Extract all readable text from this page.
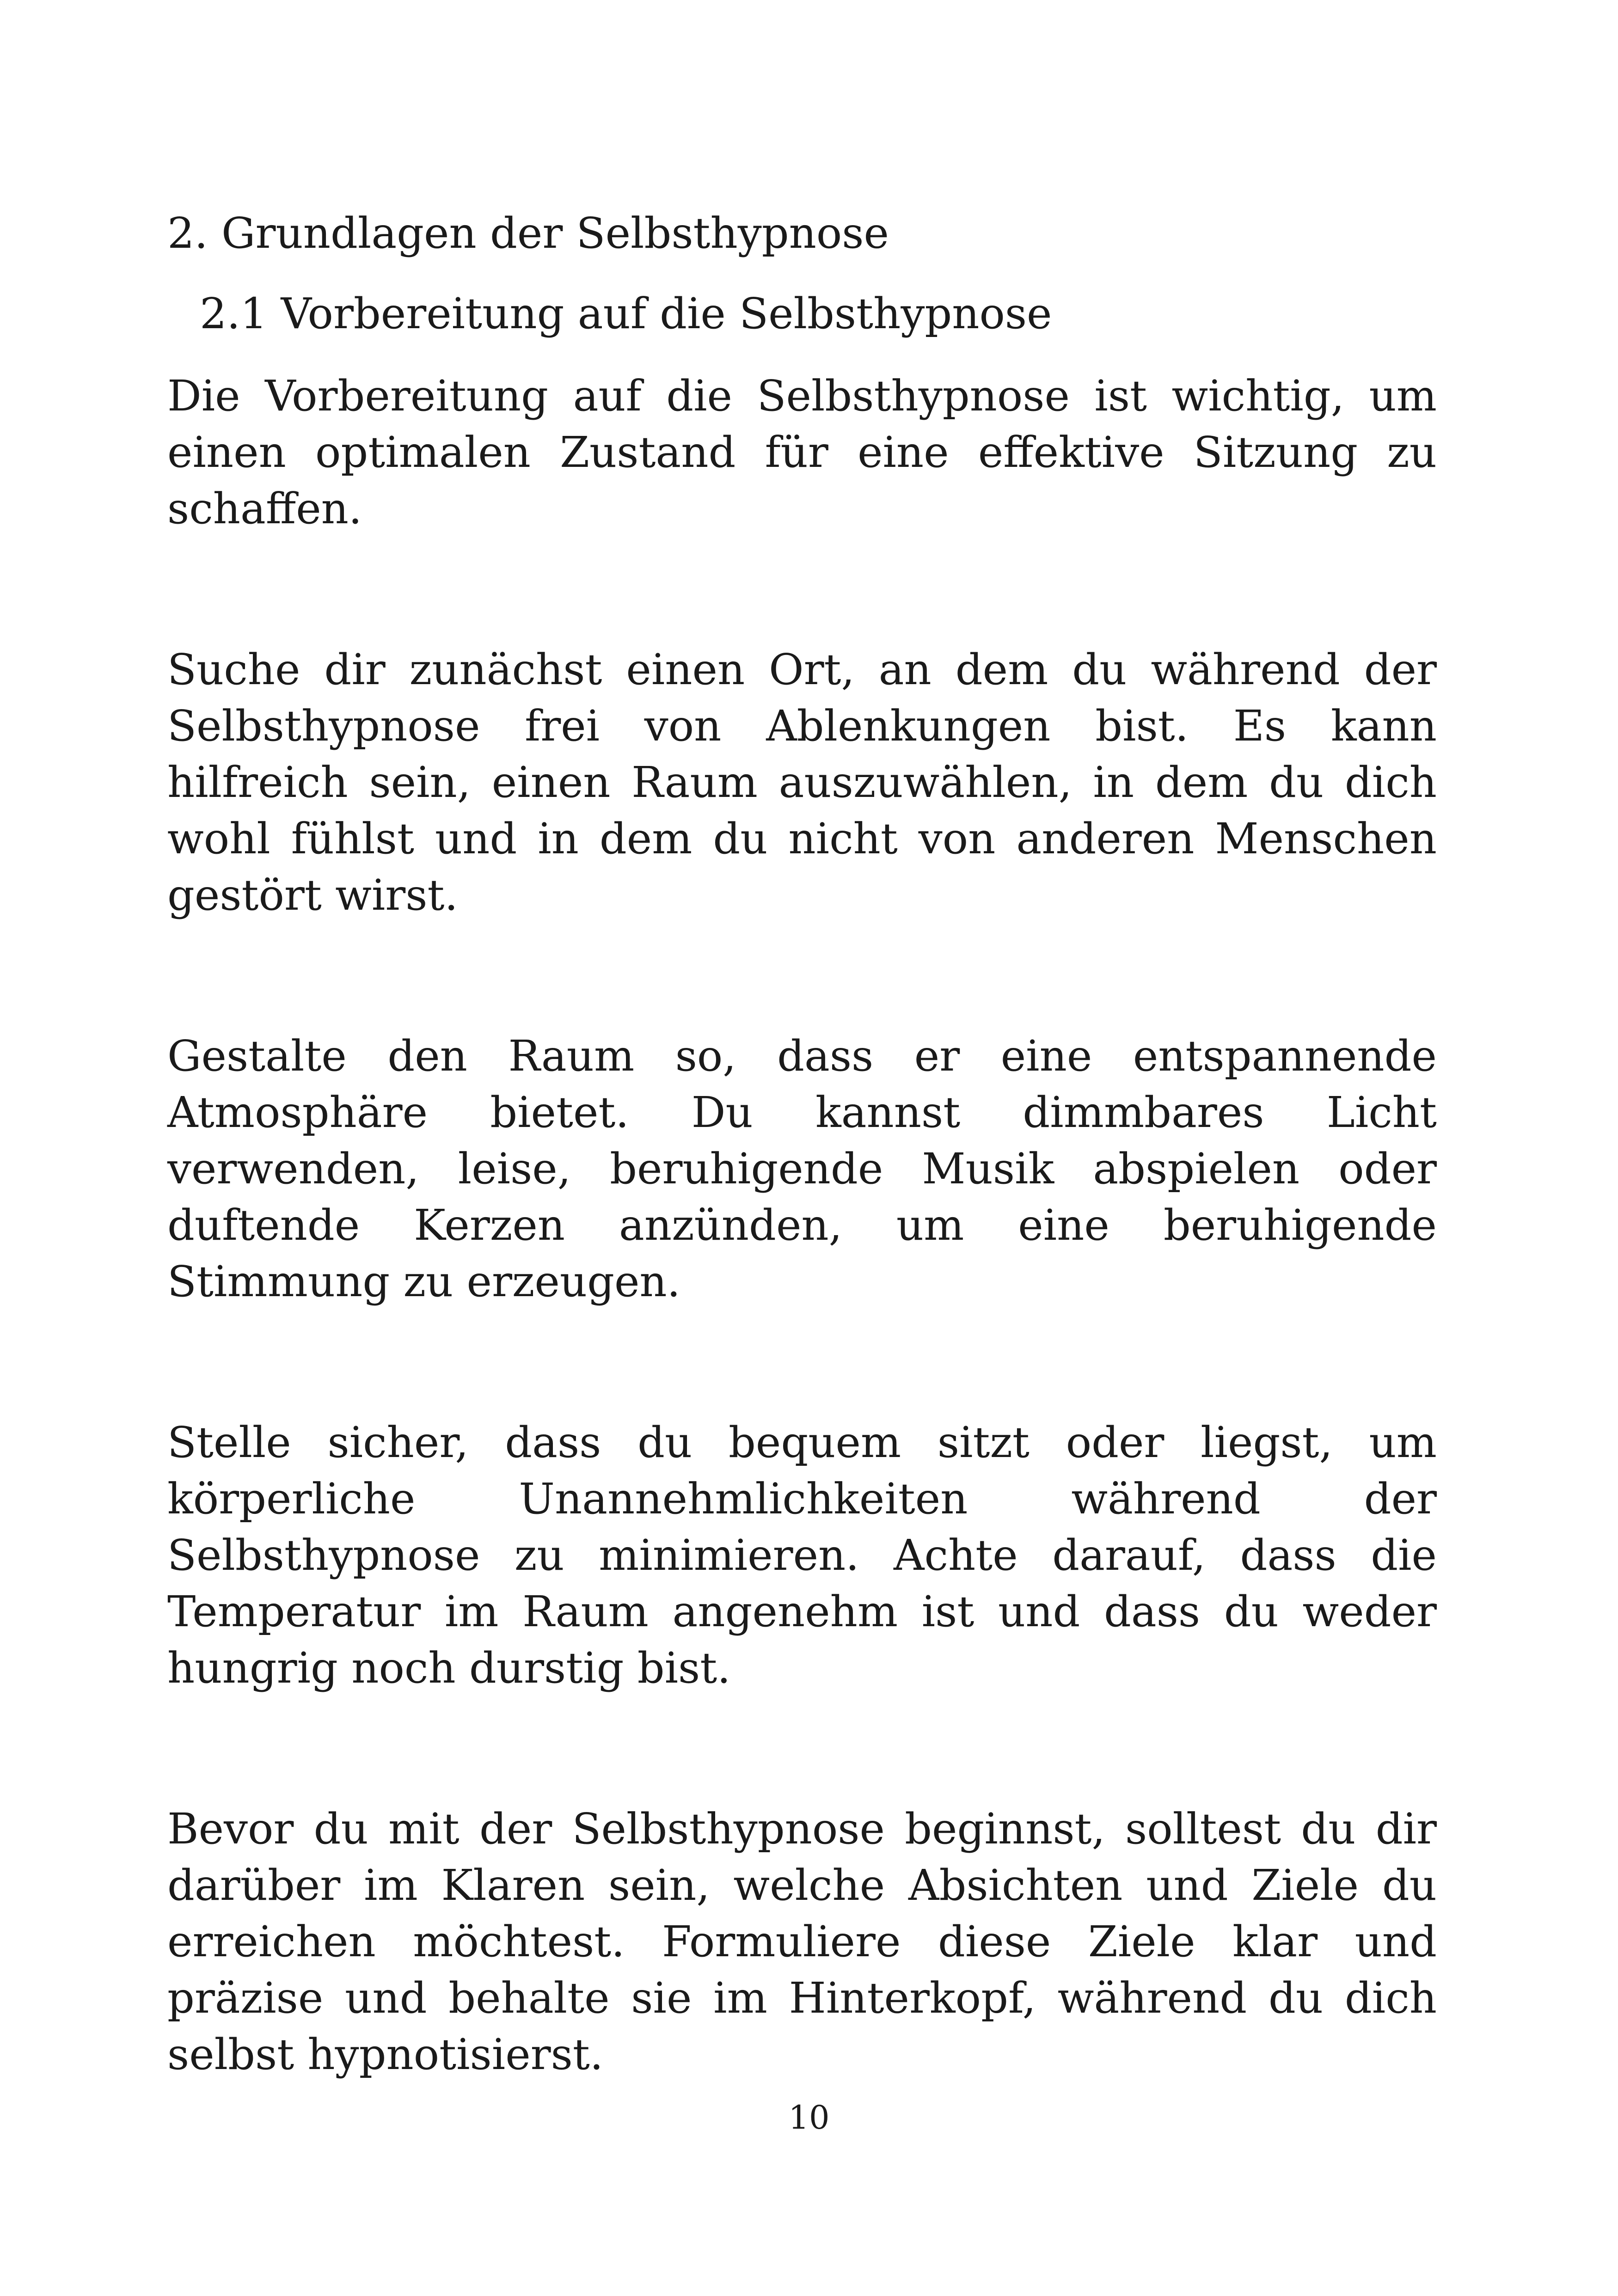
2. Grundlagen der Selbsthypnose
2.1 Vorbereitung auf die Selbsthypnose

Die Vorbereitung auf die Selbsthypnose ist wichtig, um einen optimalen Zustand für eine effektive Sitzung zu schaffen.

Suche dir zunächst einen Ort, an dem du während der Selbsthypnose frei von Ablenkungen bist. Es kann hilfreich sein, einen Raum auszuwählen, in dem du dich wohl fühlst und in dem du nicht von anderen Menschen gestört wirst.

Gestalte den Raum so, dass er eine entspannende Atmosphäre bietet. Du kannst dimmbares Licht verwenden, leise, beruhigende Musik abspielen oder duftende Kerzen anzünden, um eine beruhigende Stimmung zu erzeugen.

Stelle sicher, dass du bequem sitzt oder liegst, um körperliche Unannehmlichkeiten während der Selbsthypnose zu minimieren. Achte darauf, dass die Temperatur im Raum angenehm ist und dass du weder hungrig noch durstig bist.

Bevor du mit der Selbsthypnose beginnst, solltest du dir darüber im Klaren sein, welche Absichten und Ziele du erreichen möchtest. Formuliere diese Ziele klar und präzise und behalte sie im Hinterkopf, während du dich selbst hypnotisierst.

10
